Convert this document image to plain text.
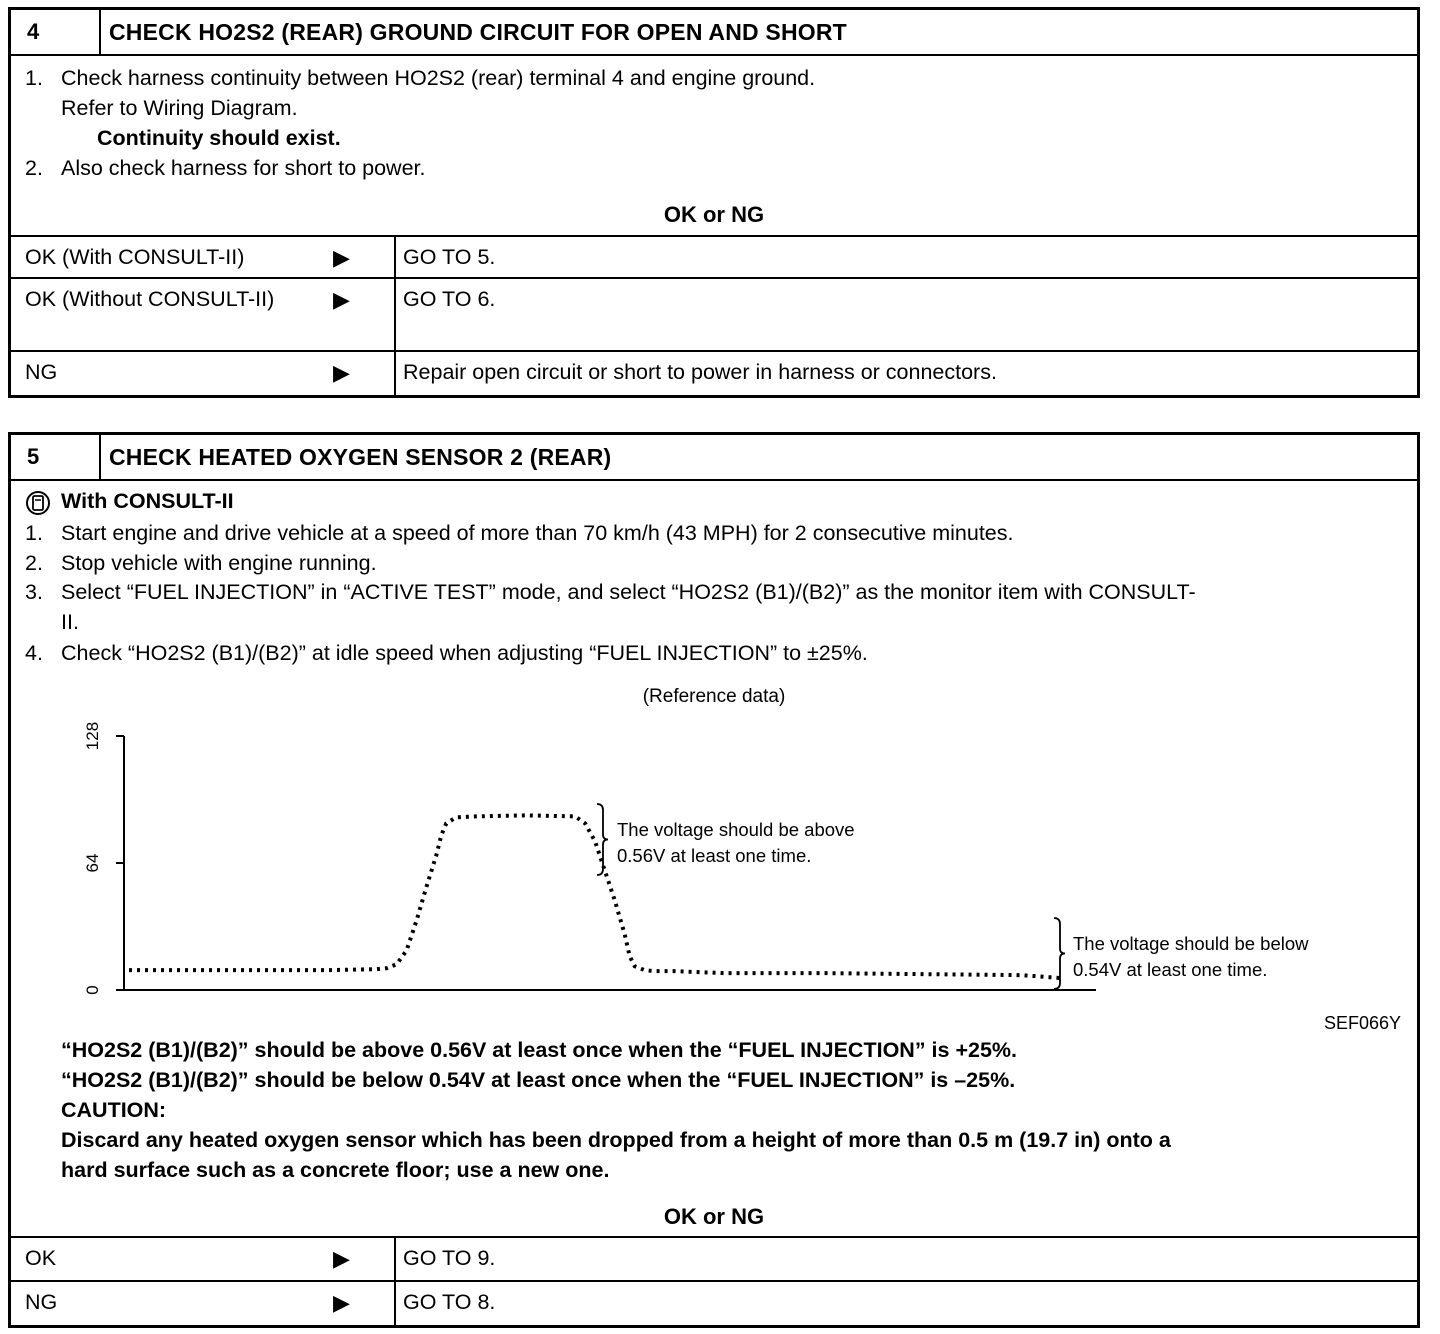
4	CHECK HO2S2 (REAR) GROUND CIRCUIT FOR OPEN AND SHORT
1. Check harness continuity between HO2S2 (rear) terminal 4 and engine ground.
Refer to Wiring Diagram.
Continuity should exist.
2. Also check harness for short to power.
OK or NG
OK (With CONSULT-II)	▶ GO TO 5.
OK (Without CONSULT-II)	▶ GO TO 6.
NG	▶ Repair open circuit or short to power in harness or connectors.
5	CHECK HEATED OXYGEN SENSOR 2 (REAR)
With CONSULT-II
1. Start engine and drive vehicle at a speed of more than 70 km/h (43 MPH) for 2 consecutive minutes.
2. Stop vehicle with engine running.
3. Select “FUEL INJECTION” in “ACTIVE TEST” mode, and select “HO2S2 (B1)/(B2)” as the monitor item with CONSULT-
II.
4. Check “HO2S2 (B1)/(B2)” at idle speed when adjusting “FUEL INJECTION” to ±25%.
(Reference data)
0
64
128
The voltage should be above
0.56V at least one time.
The voltage should be below
0.54V at least one time.
SEF066Y
“HO2S2 (B1)/(B2)” should be above 0.56V at least once when the “FUEL INJECTION” is +25%.
“HO2S2 (B1)/(B2)” should be below 0.54V at least once when the “FUEL INJECTION” is –25%.
CAUTION:
Discard any heated oxygen sensor which has been dropped from a height of more than 0.5 m (19.7 in) onto a
hard surface such as a concrete floor; use a new one.
OK or NG
OK	▶ GO TO 9.
NG	▶ GO TO 8.
